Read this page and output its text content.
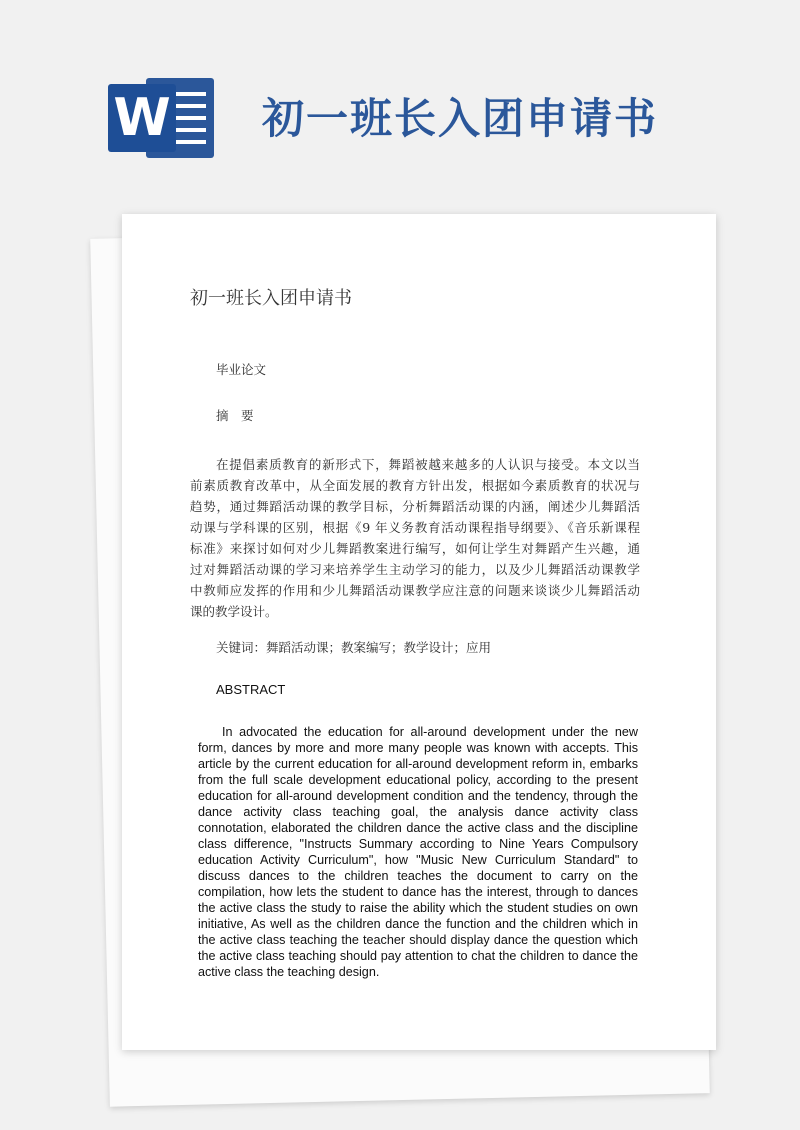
W 初一班长入团申请书
初一班长入团申请书
毕业论文
摘　要
在提倡素质教育的新形式下，舞蹈被越来越多的人认识与接受。本文以当
前素质教育改革中，从全面发展的教育方针出发，根据如今素质教育的状况与
趋势，通过舞蹈活动课的教学目标，分析舞蹈活动课的内涵，阐述少儿舞蹈活
动课与学科课的区别，根据《9 年义务教育活动课程指导纲要》、《音乐新课程
标准》来探讨如何对少儿舞蹈教案进行编写，如何让学生对舞蹈产生兴趣，通
过对舞蹈活动课的学习来培养学生主动学习的能力，以及少儿舞蹈活动课教学
中教师应发挥的作用和少儿舞蹈活动课教学应注意的问题来谈谈少儿舞蹈活动
课的教学设计。
关键词：舞蹈活动课；教案编写；教学设计；应用
ABSTRACT
In advocated the education for all-around development under the new
form, dances by more and more many people was known with accepts. This
article by the current education for all-around development reform in, embarks
from the full scale development educational policy, according to the present
education for all-around development condition and the tendency, through the
dance activity class teaching goal, the analysis dance activity class
connotation, elaborated the children dance the active class and the discipline
class difference, "Instructs Summary according to Nine Years Compulsory
education Activity Curriculum", how "Music New Curriculum Standard" to
discuss dances to the children teaches the document to carry on the
compilation, how lets the student to dance has the interest, through to dances
the active class the study to raise the ability which the student studies on own
initiative, As well as the children dance the function and the children which in
the active class teaching the teacher should display dance the question which
the active class teaching should pay attention to chat the children to dance the
active class the teaching design.
